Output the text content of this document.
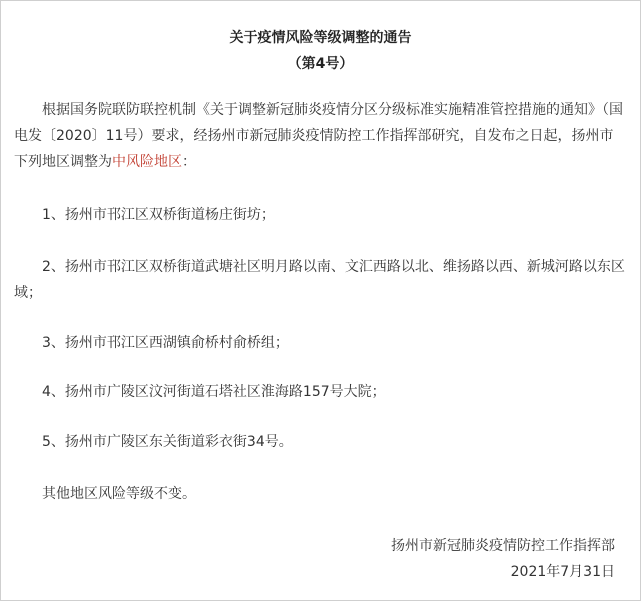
关于疫情风险等级调整的通告
（第4号）
根据国务院联防联控机制《关于调整新冠肺炎疫情分区分级标准实施精准管控措施的通知》（国电发〔2020〕11号）要求，经扬州市新冠肺炎疫情防控工作指挥部研究，自发布之日起，扬州市下列地区调整为中风险地区：
1、扬州市邗江区双桥街道杨庄街坊；
2、扬州市邗江区双桥街道武塘社区明月路以南、文汇西路以北、维扬路以西、新城河路以东区域；
3、扬州市邗江区西湖镇俞桥村俞桥组；
4、扬州市广陵区汶河街道石塔社区淮海路157号大院；
5、扬州市广陵区东关街道彩衣街34号。
其他地区风险等级不变。
扬州市新冠肺炎疫情防控工作指挥部
2021年7月31日
